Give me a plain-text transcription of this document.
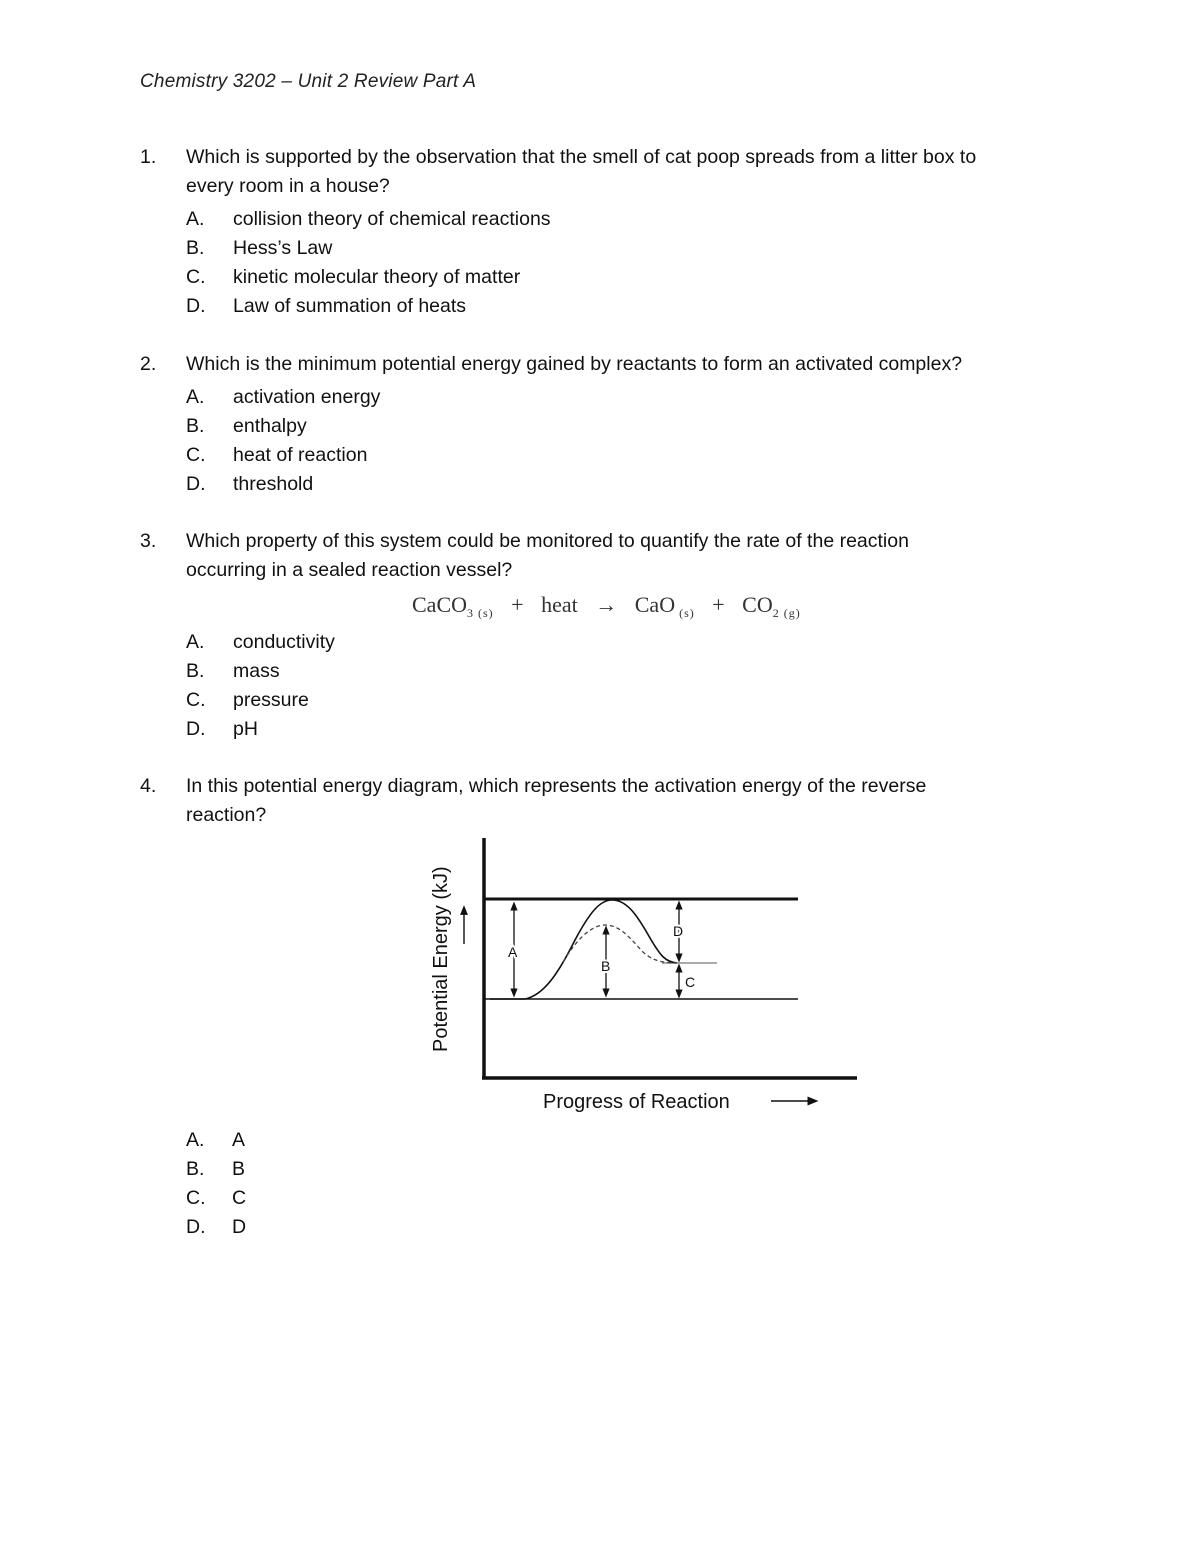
Chemistry 3202 – Unit 2 Review Part A
1. Which is supported by the observation that the smell of cat poop spreads from a litter box to
every room in a house?
A. collision theory of chemical reactions
B. Hess’s Law
C. kinetic molecular theory of matter
D. Law of summation of heats
2. Which is the minimum potential energy gained by reactants to form an activated complex?
A. activation energy
B. enthalpy
C. heat of reaction
D. threshold
3. Which property of this system could be monitored to quantify the rate of the reaction
occurring in a sealed reaction vessel?
A. conductivity
B. mass
C. pressure
D. pH
CaCO$_{3 (s)}$ + heat → CaO $_{(s)} + CO_{2 (g)}$
4. In this potential energy diagram, which represents the activation energy of the reverse
reaction?
A
B
C
D
Potential Energy (kJ)
Progress of Reaction
A. A
B. B
C. C
D. D
